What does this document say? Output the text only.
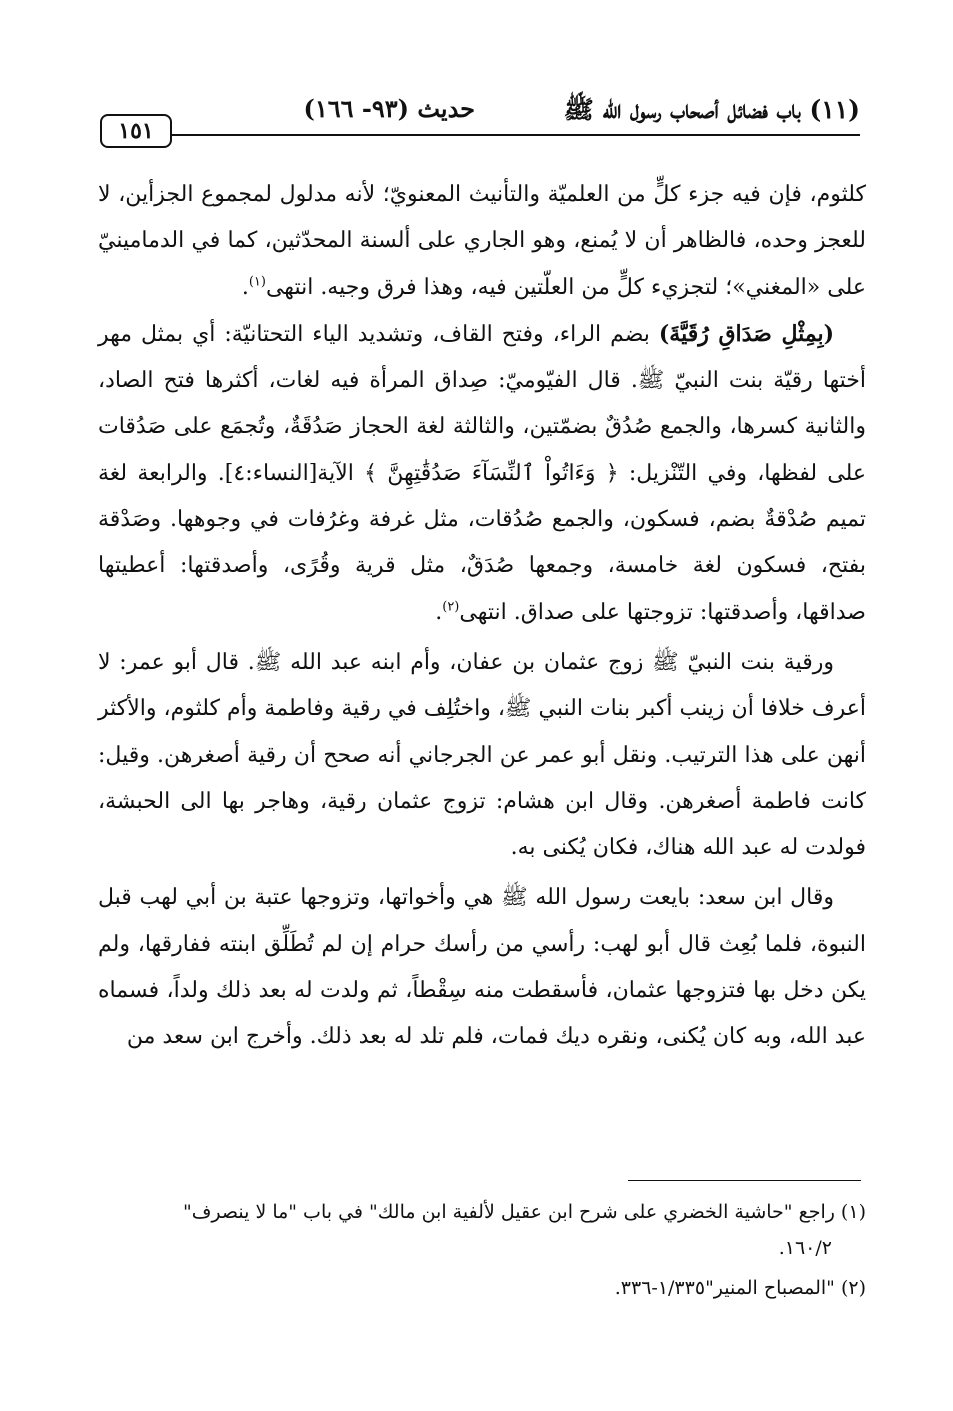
(١١) باب فضائل أصحاب رسول الله ﷺ
حديث (٩٣- ١٦٦)
١٥١

كلثوم، فإن فيه جزء كلٍّ من العلميّة والتأنيث المعنويّ؛ لأنه مدلول لمجموع الجزأين، لا للعجز وحده، فالظاهر أن لا يُمنع، وهو الجاري على ألسنة المحدّثين، كما في الدمامينيّ على «المغني»؛ لتجزيء كلٍّ من العلّتين فيه، وهذا فرق وجيه. انتهى$^{(١)}$.

(بِمِثْلِ صَدَاقِ رُقَيَّةَ) بضم الراء، وفتح القاف، وتشديد الياء التحتانيّة: أي بمثل مهر أختها رقيّة بنت النبيّ ﷺ. قال الفيّوميّ: صِداق المرأة فيه لغات، أكثرها فتح الصاد، والثانية كسرها، والجمع صُدُقٌ بضمّتين، والثالثة لغة الحجاز صَدُقَةٌ، وتُجمَع على صَدُقات على لفظها، وفي التّنْزيل: ﴿ وَءَاتُواْ ٱلنِّسَآءَ صَدُقَٰتِهِنَّ ﴾ الآية[النساء:٤]. والرابعة لغة تميم صُدْقةٌ بضم، فسكون، والجمع صُدُقات، مثل غرفة وغرُفات في وجوهها. وصَدْقة بفتح، فسكون لغة خامسة، وجمعها صُدَقٌ، مثل قرية وقُرًى، وأصدقتها: أعطيتها صداقها، وأصدقتها: تزوجتها على صداق. انتهى$^{(٢)}$.

ورقية بنت النبيّ ﷺ زوج عثمان بن عفان، وأم ابنه عبد الله ﷺ. قال أبو عمر: لا أعرف خلافا أن زينب أكبر بنات النبي ﷺ، واختُلِف في رقية وفاطمة وأم كلثوم، والأكثر أنهن على هذا الترتيب. ونقل أبو عمر عن الجرجاني أنه صحح أن رقية أصغرهن. وقيل: كانت فاطمة أصغرهن. وقال ابن هشام: تزوج عثمان رقية، وهاجر بها الى الحبشة، فولدت له عبد الله هناك، فكان يُكنى به.

وقال ابن سعد: بايعت رسول الله ﷺ هي وأخواتها، وتزوجها عتبة بن أبي لهب قبل النبوة، فلما بُعِث قال أبو لهب: رأسي من رأسك حرام إن لم تُطَلِّق ابنته ففارقها، ولم يكن دخل بها فتزوجها عثمان، فأسقطت منه سِقْطاً، ثم ولدت له بعد ذلك ولداً، فسماه عبد الله، وبه كان يُكنى، ونقره ديك فمات، فلم تلد له بعد ذلك. وأخرج ابن سعد من

(١) راجع "حاشية الخضري على شرح ابن عقيل لألفية ابن مالك" في باب "ما لا ينصرف"

١٦٠/٢.

(٢) "المصباح المنير"١/٣٣٥-٣٣٦.
